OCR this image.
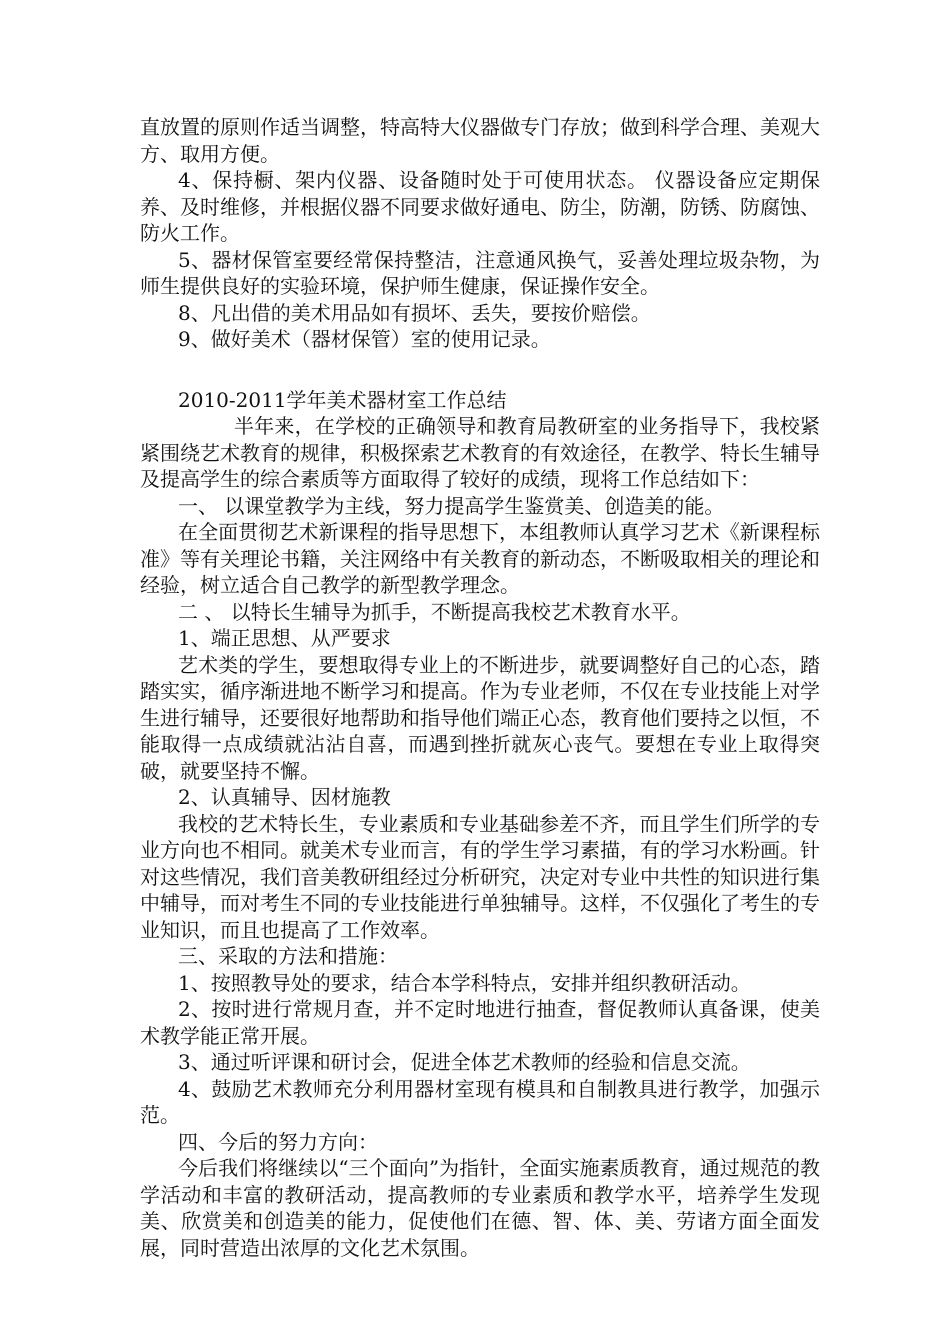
直放置的原则作适当调整，特高特大仪器做专门存放；做到科学合理、美观大方、取用方便。

4、保持橱、架内仪器、设备随时处于可使用状态。 仪器设备应定期保养、及时维修，并根据仪器不同要求做好通电、防尘，防潮，防锈、防腐蚀、防火工作。

5、器材保管室要经常保持整洁，注意通风换气，妥善处理垃圾杂物，为师生提供良好的实验环境，保护师生健康，保证操作安全。

8、凡出借的美术用品如有损坏、丢失，要按价赔偿。

9、做好美术（器材保管）室的使用记录。

2010-2011学年美术器材室工作总结

半年来，在学校的正确领导和教育局教研室的业务指导下，我校紧紧围绕艺术教育的规律，积极探索艺术教育的有效途径，在教学、特长生辅导及提高学生的综合素质等方面取得了较好的成绩，现将工作总结如下：

一、 以课堂教学为主线，努力提高学生鉴赏美、创造美的能。

在全面贯彻艺术新课程的指导思想下，本组教师认真学习艺术《新课程标准》等有关理论书籍，关注网络中有关教育的新动态，不断吸取相关的理论和经验，树立适合自己教学的新型教学理念。

二 、 以特长生辅导为抓手，不断提高我校艺术教育水平。

1、端正思想、从严要求

艺术类的学生，要想取得专业上的不断进步，就要调整好自己的心态，踏踏实实，循序渐进地不断学习和提高。作为专业老师，不仅在专业技能上对学生进行辅导，还要很好地帮助和指导他们端正心态，教育他们要持之以恒，不能取得一点成绩就沾沾自喜，而遇到挫折就灰心丧气。要想在专业上取得突破，就要坚持不懈。

2、认真辅导、因材施教

我校的艺术特长生，专业素质和专业基础参差不齐，而且学生们所学的专业方向也不相同。就美术专业而言，有的学生学习素描，有的学习水粉画。针对这些情况，我们音美教研组经过分析研究，决定对专业中共性的知识进行集中辅导，而对考生不同的专业技能进行单独辅导。这样，不仅强化了考生的专业知识，而且也提高了工作效率。

三、采取的方法和措施：

1、按照教导处的要求，结合本学科特点，安排并组织教研活动。

2、按时进行常规月查，并不定时地进行抽查，督促教师认真备课，使美术教学能正常开展。

3、通过听评课和研讨会，促进全体艺术教师的经验和信息交流。

4、鼓励艺术教师充分利用器材室现有模具和自制教具进行教学，加强示范。

四、今后的努力方向：

今后我们将继续以“三个面向”为指针，全面实施素质教育，通过规范的教学活动和丰富的教研活动，提高教师的专业素质和教学水平，培养学生发现美、欣赏美和创造美的能力，促使他们在德、智、体、美、劳诸方面全面发展，同时营造出浓厚的文化艺术氛围。
